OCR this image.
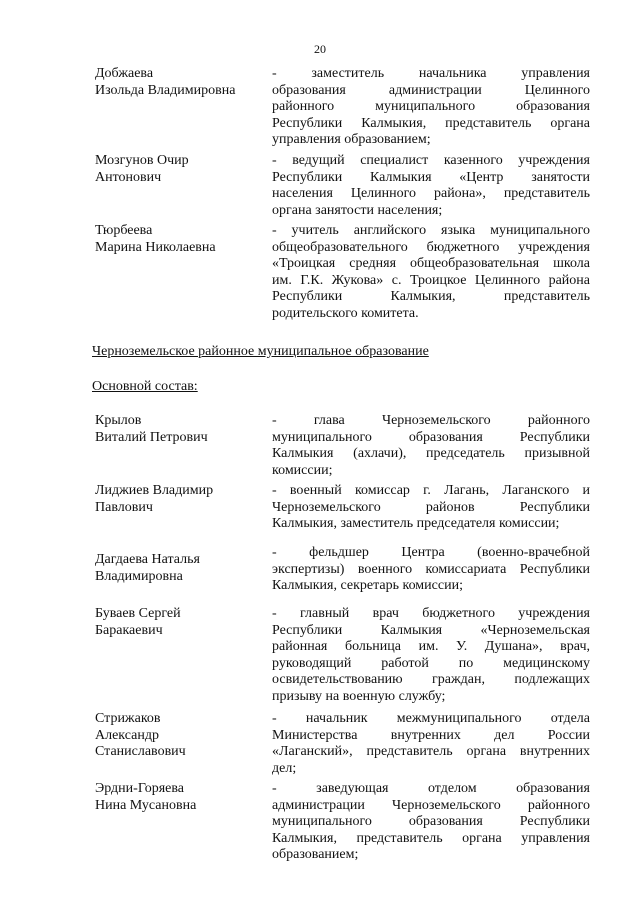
20
Добжаева
Изольда Владимировна
- заместитель начальника управления
образования администрации Целинного
районного муниципального образования
Республики Калмыкия, представитель органа
управления образованием;
Мозгунов Очир
Антонович
- ведущий специалист казенного учреждения
Республики Калмыкия «Центр занятости
населения Целинного района», представитель
органа занятости населения;
Тюрбеева
Марина Николаевна
- учитель английского языка муниципального
общеобразовательного бюджетного учреждения
«Троицкая средняя общеобразовательная школа
им. Г.К. Жукова» с. Троицкое Целинного района
Республики Калмыкия, представитель
родительского комитета.
Черноземельское районное муниципальное образование
Основной состав:
Крылов
Виталий Петрович
- глава Черноземельского районного
муниципального образования Республики
Калмыкия (ахлачи), председатель призывной
комиссии;
Лиджиев Владимир
Павлович
- военный комиссар г. Лагань, Лаганского и
Черноземельского районов Республики
Калмыкия, заместитель председателя комиссии;
Дагдаева Наталья
Владимировна
- фельдшер Центра (военно-врачебной
экспертизы) военного комиссариата Республики
Калмыкия, секретарь комиссии;
Буваев Сергей
Баракаевич
- главный врач бюджетного учреждения
Республики Калмыкия «Черноземельская
районная больница им. У. Душана», врач,
руководящий работой по медицинскому
освидетельствованию граждан, подлежащих
призыву на военную службу;
Стрижаков
Александр
Станиславович
- начальник межмуниципального отдела
Министерства внутренних дел России
«Лаганский», представитель органа внутренних
дел;
Эрдни-Горяева
Нина Мусановна
- заведующая отделом образования
администрации Черноземельского районного
муниципального образования Республики
Калмыкия, представитель органа управления
образованием;
